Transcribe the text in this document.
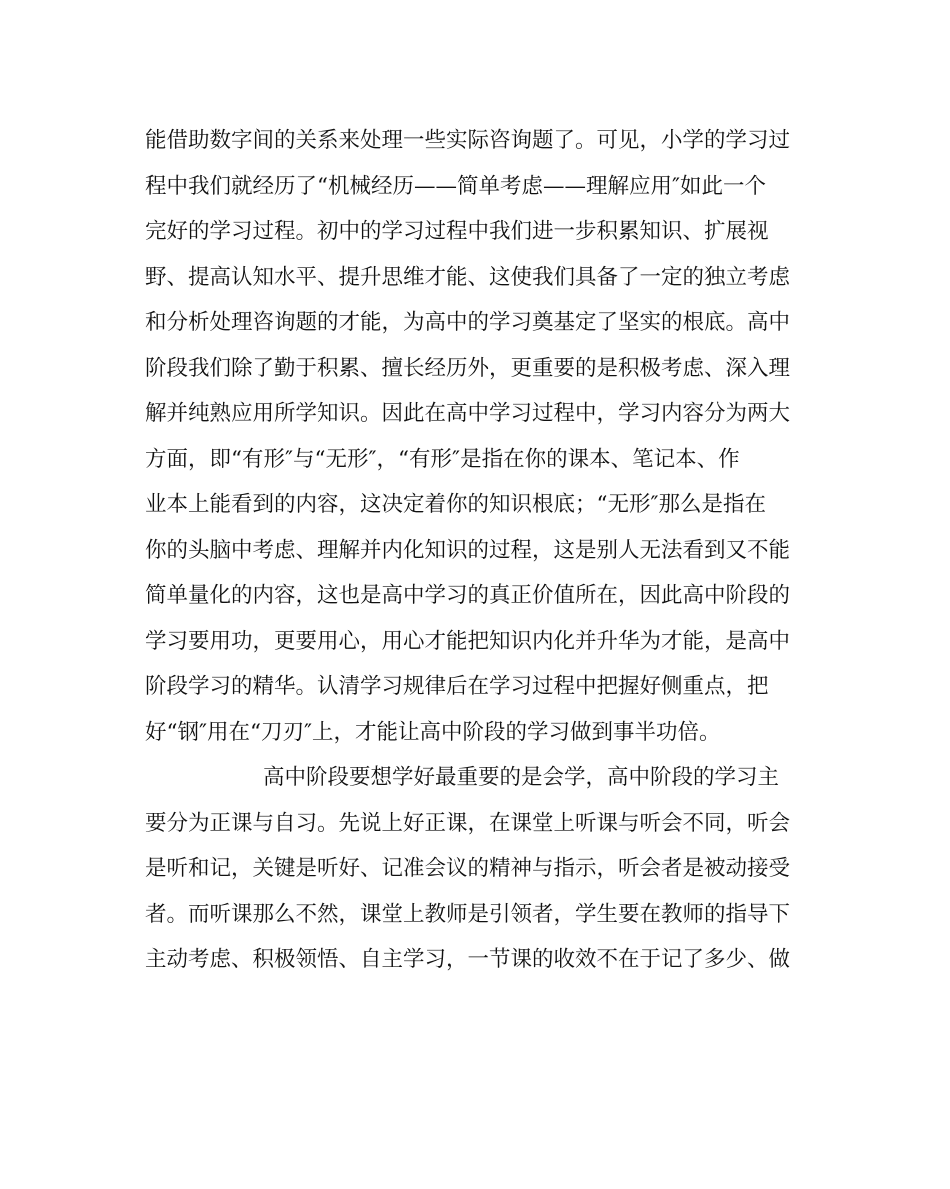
能借助数字间的关系来处理一些实际咨询题了。可见，小学的学习过
程中我们就经历了“机械经历——简单考虑——理解应用″如此一个
完好的学习过程。初中的学习过程中我们进一步积累知识、扩展视
野、提高认知水平、提升思维才能、这使我们具备了一定的独立考虑
和分析处理咨询题的才能，为高中的学习奠基定了坚实的根底。高中
阶段我们除了勤于积累、擅长经历外，更重要的是积极考虑、深入理
解并纯熟应用所学知识。因此在高中学习过程中，学习内容分为两大
方面，即“有形″与“无形″，“有形″是指在你的课本、笔记本、作
业本上能看到的内容，这决定着你的知识根底；“无形″那么是指在
你的头脑中考虑、理解并内化知识的过程，这是别人无法看到又不能
简单量化的内容，这也是高中学习的真正价值所在，因此高中阶段的
学习要用功，更要用心，用心才能把知识内化并升华为才能，是高中
阶段学习的精华。认清学习规律后在学习过程中把握好侧重点，把
好“钢″用在“刀刃″上，才能让高中阶段的学习做到事半功倍。
高中阶段要想学好最重要的是会学，高中阶段的学习主
要分为正课与自习。先说上好正课，在课堂上听课与听会不同，听会
是听和记，关键是听好、记准会议的精神与指示，听会者是被动接受
者。而听课那么不然，课堂上教师是引领者，学生要在教师的指导下
主动考虑、积极领悟、自主学习，一节课的收效不在于记了多少、做
